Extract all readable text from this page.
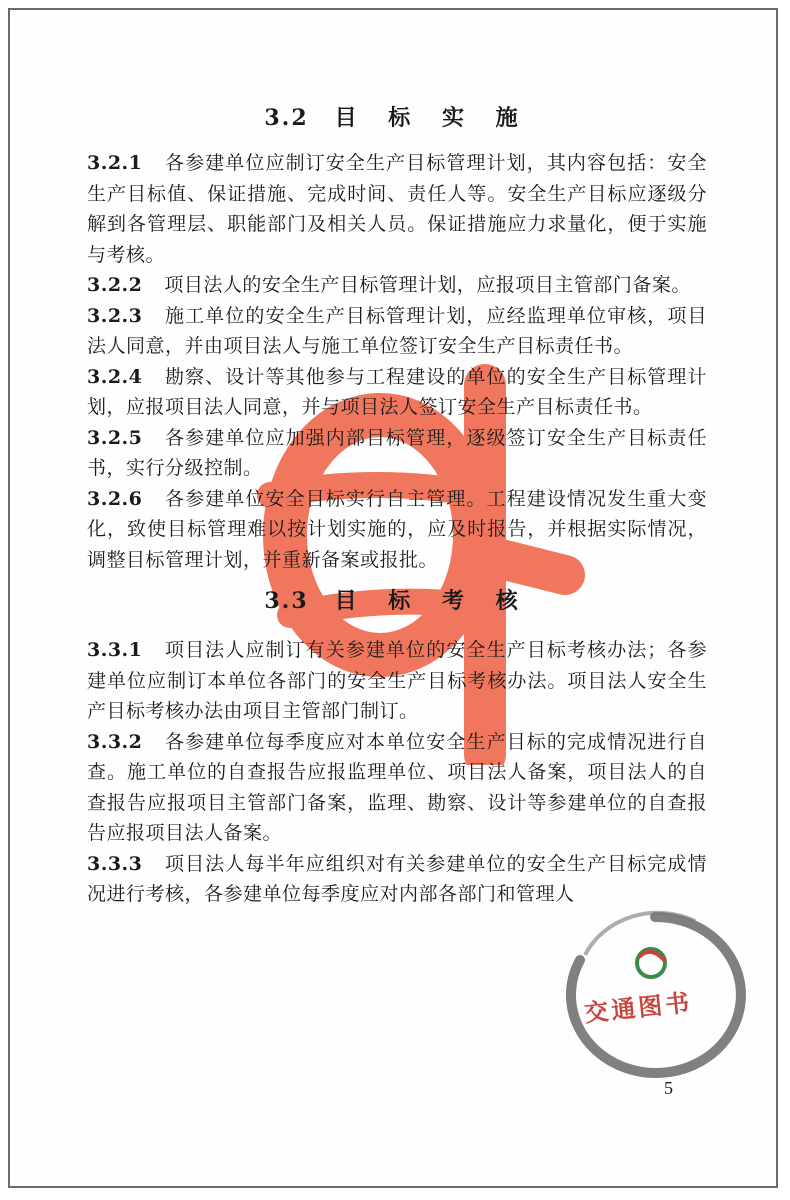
3.2 目 标 实 施

3.2.1 各参建单位应制订安全生产目标管理计划，其内容包括：安全生产目标值、保证措施、完成时间、责任人等。安全生产目标应逐级分解到各管理层、职能部门及相关人员。保证措施应力求量化，便于实施与考核。

3.2.2 项目法人的安全生产目标管理计划，应报项目主管部门备案。

3.2.3 施工单位的安全生产目标管理计划，应经监理单位审核，项目法人同意，并由项目法人与施工单位签订安全生产目标责任书。

3.2.4 勘察、设计等其他参与工程建设的单位的安全生产目标管理计划，应报项目法人同意，并与项目法人签订安全生产目标责任书。

3.2.5 各参建单位应加强内部目标管理，逐级签订安全生产目标责任书，实行分级控制。

3.2.6 各参建单位安全目标实行自主管理。工程建设情况发生重大变化，致使目标管理难以按计划实施的，应及时报告，并根据实际情况，调整目标管理计划，并重新备案或报批。

3.3 目 标 考 核

3.3.1 项目法人应制订有关参建单位的安全生产目标考核办法；各参建单位应制订本单位各部门的安全生产目标考核办法。项目法人安全生产目标考核办法由项目主管部门制订。

3.3.2 各参建单位每季度应对本单位安全生产目标的完成情况进行自查。施工单位的自查报告应报监理单位、项目法人备案，项目法人的自查报告应报项目主管部门备案，监理、勘察、设计等参建单位的自查报告应报项目法人备案。

3.3.3 项目法人每半年应组织对有关参建单位的安全生产目标完成情况进行考核，各参建单位每季度应对内部各部门和管理人

交通图书
5
